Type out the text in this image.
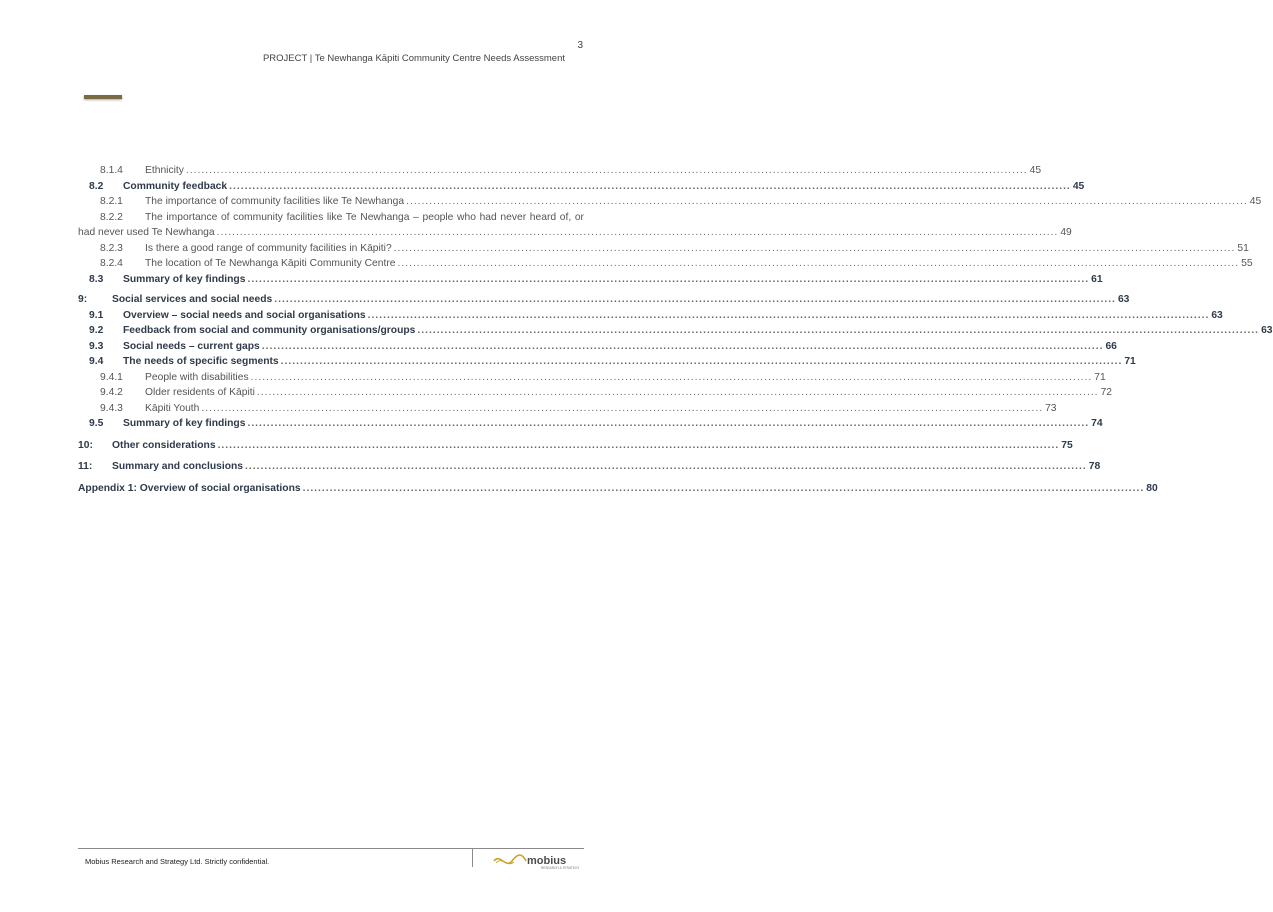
3
PROJECT | Te Newhanga Kāpiti Community Centre Needs Assessment
8.1.4	Ethnicity .....	45
8.2	Community feedback .....	45
8.2.1	The importance of community facilities like Te Newhanga .....	45
8.2.2	The importance of community facilities like Te Newhanga – people who had never heard of, or
had never used Te Newhanga .....	49
8.2.3	Is there a good range of community facilities in Kāpiti? .....	51
8.2.4	The location of Te Newhanga Kāpiti Community Centre .....	55
8.3	Summary of key findings .....	61
9:	Social services and social needs .....	63
9.1	Overview – social needs and social organisations .....	63
9.2	Feedback from social and community organisations/groups .....	63
9.3	Social needs – current gaps .....	66
9.4	The needs of specific segments .....	71
9.4.1	People with disabilities .....	71
9.4.2	Older residents of Kāpiti .....	72
9.4.3	Kāpiti Youth .....	73
9.5	Summary of key findings .....	74
10:	Other considerations .....	75
11:	Summary and conclusions .....	78
Appendix 1: Overview of social organisations .....	80
Mobius Research and Strategy Ltd. Strictly confidential.	mobius
RESEARCH & STRATEGY
